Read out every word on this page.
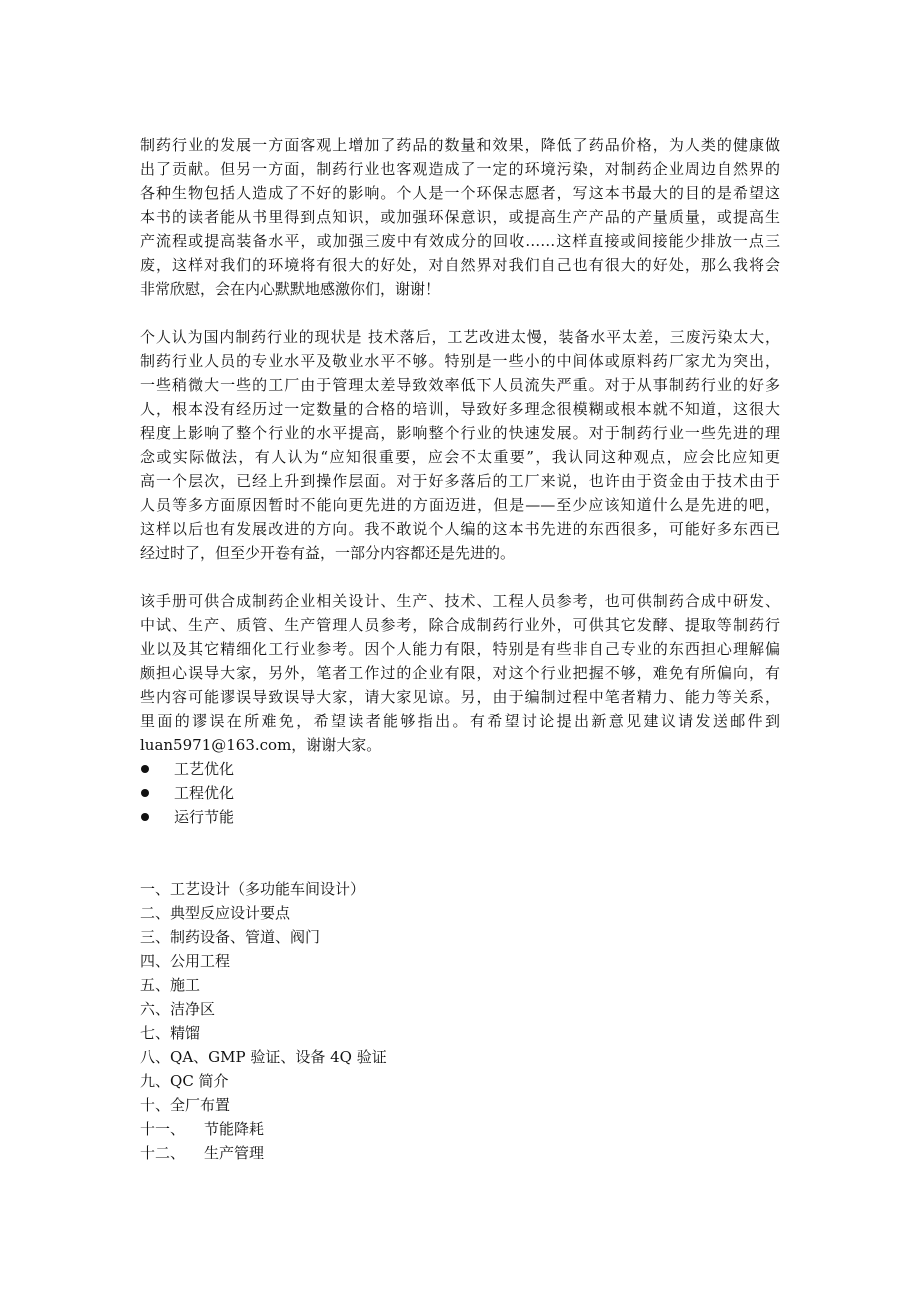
制药行业的发展一方面客观上增加了药品的数量和效果，降低了药品价格，为人类的健康做
出了贡献。但另一方面，制药行业也客观造成了一定的环境污染，对制药企业周边自然界的
各种生物包括人造成了不好的影响。个人是一个环保志愿者，写这本书最大的目的是希望这
本书的读者能从书里得到点知识，或加强环保意识，或提高生产产品的产量质量，或提高生
产流程或提高装备水平，或加强三废中有效成分的回收……这样直接或间接能少排放一点三
废，这样对我们的环境将有很大的好处，对自然界对我们自己也有很大的好处，那么我将会
非常欣慰，会在内心默默地感激你们，谢谢！
个人认为国内制药行业的现状是 技术落后，工艺改进太慢，装备水平太差，三废污染太大，
制药行业人员的专业水平及敬业水平不够。特别是一些小的中间体或原料药厂家尤为突出，
一些稍微大一些的工厂由于管理太差导致效率低下人员流失严重。对于从事制药行业的好多
人，根本没有经历过一定数量的合格的培训，导致好多理念很模糊或根本就不知道，这很大
程度上影响了整个行业的水平提高，影响整个行业的快速发展。对于制药行业一些先进的理
念或实际做法，有人认为“应知很重要，应会不太重要”，我认同这种观点，应会比应知更
高一个层次，已经上升到操作层面。对于好多落后的工厂来说，也许由于资金由于技术由于
人员等多方面原因暂时不能向更先进的方面迈进，但是——至少应该知道什么是先进的吧，
这样以后也有发展改进的方向。我不敢说个人编的这本书先进的东西很多，可能好多东西已
经过时了，但至少开卷有益，一部分内容都还是先进的。
该手册可供合成制药企业相关设计、生产、技术、工程人员参考，也可供制药合成中研发、
中试、生产、质管、生产管理人员参考，除合成制药行业外，可供其它发酵、提取等制药行
业以及其它精细化工行业参考。因个人能力有限，特别是有些非自己专业的东西担心理解偏
颇担心误导大家，另外，笔者工作过的企业有限，对这个行业把握不够，难免有所偏向，有
些内容可能谬误导致误导大家，请大家见谅。另，由于编制过程中笔者精力、能力等关系，
里面的谬误在所难免，希望读者能够指出。有希望讨论提出新意见建议请发送邮件到
luan5971@163.com，谢谢大家。
工艺优化
工程优化
运行节能
一、工艺设计（多功能车间设计）
二、典型反应设计要点
三、制药设备、管道、阀门
四、公用工程
五、施工
六、洁净区
七、精馏
八、QA、GMP 验证、设备 4Q 验证
九、QC 简介
十、全厂布置
十一、 节能降耗
十二、 生产管理
